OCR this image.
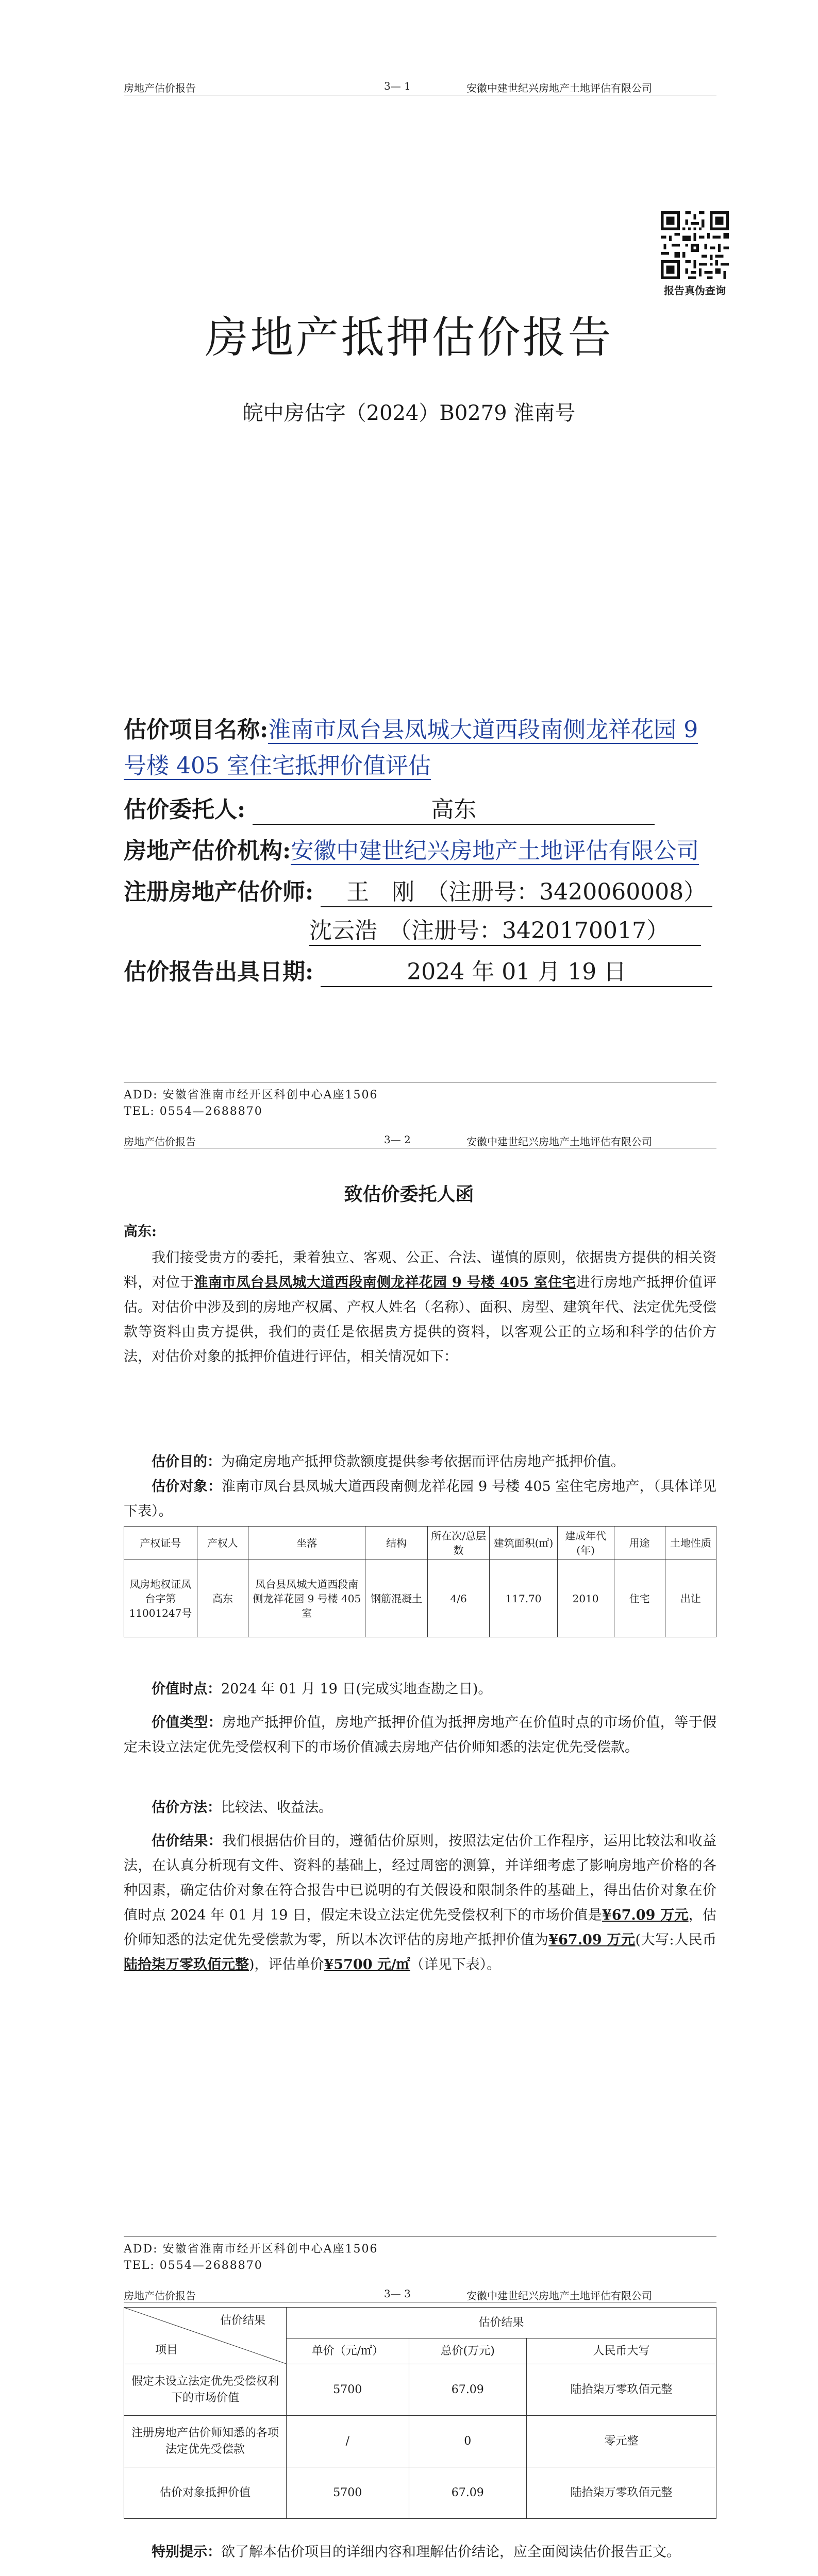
房地产估价报告	3— 1	安徽中建世纪兴房地产土地评估有限公司
报告真伪查询
房地产抵押估价报告
皖中房估字（2024）B0279 淮南号
估价项目名称:淮南市凤台县凤城大道西段南侧龙祥花园 9
号楼 405 室住宅抵押价值评估
估价委托人:	高东
房地产估价机构:安徽中建世纪兴房地产土地评估有限公司
注册房地产估价师: 王　刚　（注册号：3420060008）
沈云浩　（注册号：3420170017）
估价报告出具日期:	2024 年 01 月 19 日
ADD: 安徽省淮南市经开区科创中心A座1506
TEL: 0554—2688870
房地产估价报告	3— 2	安徽中建世纪兴房地产土地评估有限公司
致估价委托人函
高东:
我们接受贵方的委托，秉着独立、客观、公正、合法、谨慎的原则，依据贵方提供的相关资料，对位于淮南市凤台县凤城大道西段南侧龙祥花园 9 号楼 405 室住宅进行房地产抵押价值评估。对估价中涉及到的房地产权属、产权人姓名（名称）、面积、房型、建筑年代、法定优先受偿款等资料由贵方提供，我们的责任是依据贵方提供的资料，以客观公正的立场和科学的估价方法，对估价对象的抵押价值进行评估，相关情况如下：
估价目的：为确定房地产抵押贷款额度提供参考依据而评估房地产抵押价值。
估价对象：淮南市凤台县凤城大道西段南侧龙祥花园 9 号楼 405 室住宅房地产，（具体详见下表）。
产权证号	产权人	坐落	结构	所在次/总层数	建筑面积(㎡)	建成年代(年)	用途	土地性质
凤房地权证凤台字第11001247号	高东	凤台县凤城大道西段南侧龙祥花园 9 号楼 405 室	钢筋混凝土	4/6	117.70	2010	住宅	出让
价值时点：2024 年 01 月 19 日(完成实地查勘之日)。
价值类型：房地产抵押价值，房地产抵押价值为抵押房地产在价值时点的市场价值，等于假定未设立法定优先受偿权利下的市场价值减去房地产估价师知悉的法定优先受偿款。
估价方法：比较法、收益法。
估价结果：我们根据估价目的，遵循估价原则，按照法定估价工作程序，运用比较法和收益法，在认真分析现有文件、资料的基础上，经过周密的测算，并详细考虑了影响房地产价格的各种因素，确定估价对象在符合报告中已说明的有关假设和限制条件的基础上，得出估价对象在价值时点 2024 年 01 月 19 日，假定未设立法定优先受偿权利下的市场价值是¥67.09 万元，估价师知悉的法定优先受偿款为零，所以本次评估的房地产抵押价值为¥67.09 万元(大写:人民币陆拾柒万零玖佰元整)，评估单价¥5700 元/㎡（详见下表）。
ADD: 安徽省淮南市经开区科创中心A座1506
TEL: 0554—2688870
房地产估价报告	3— 3	安徽中建世纪兴房地产土地评估有限公司
估价结果
项目	估价结果		
	单价（元/㎡）	总价(万元)	人民币大写
假定未设立法定优先受偿权利下的市场价值	5700	67.09	陆拾柒万零玖佰元整
注册房地产估价师知悉的各项法定优先受偿款	/	0	零元整
估价对象抵押价值	5700	67.09	陆拾柒万零玖佰元整
特别提示：欲了解本估价项目的详细内容和理解估价结论，应全面阅读估价报告正文。
